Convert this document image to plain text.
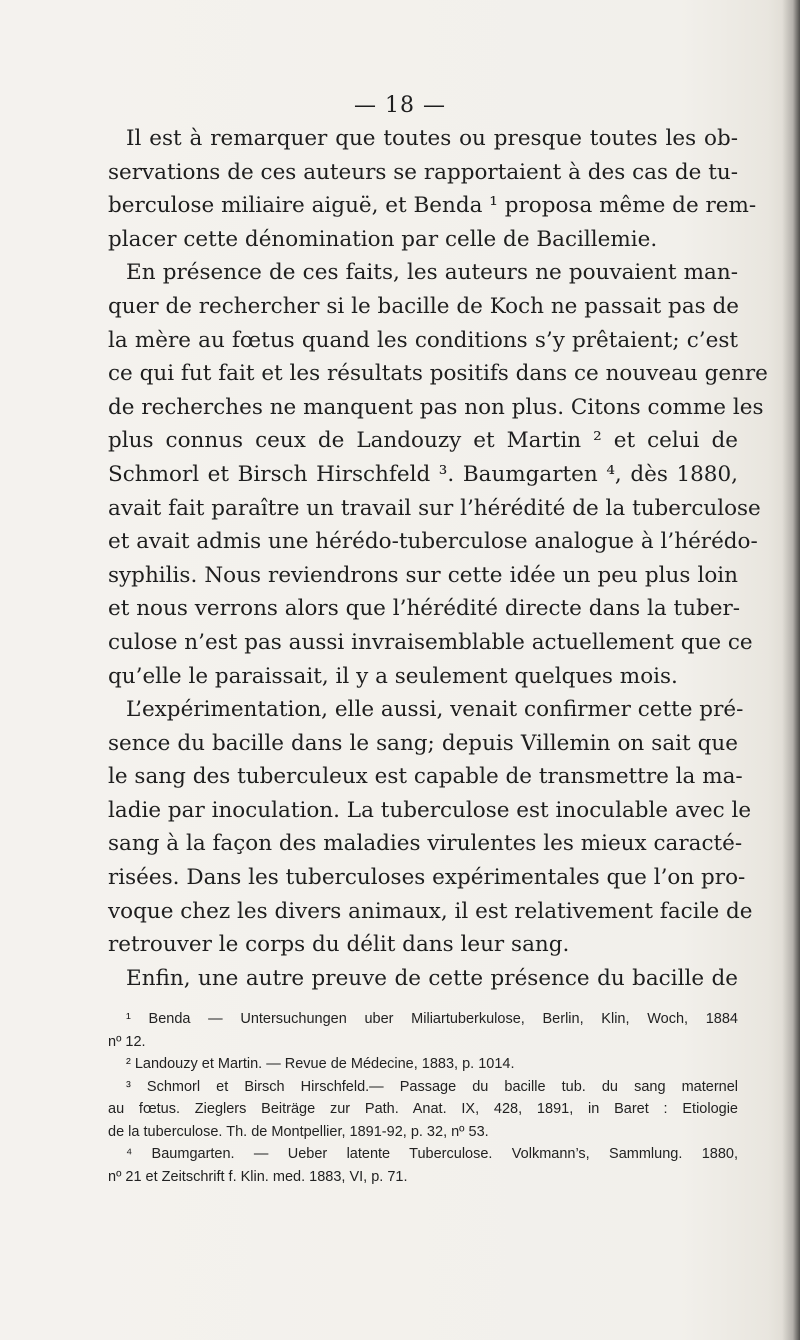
— 18 —
Il est à remarquer que toutes ou presque toutes les ob-
servations de ces auteurs se rapportaient à des cas de tu-
berculose miliaire aiguë, et Benda ¹ proposa même de rem-
placer cette dénomination par celle de Bacillemie.
En présence de ces faits, les auteurs ne pouvaient man-
quer de rechercher si le bacille de Koch ne passait pas de
la mère au fœtus quand les conditions s’y prêtaient; c’est
ce qui fut fait et les résultats positifs dans ce nouveau genre
de recherches ne manquent pas non plus. Citons comme les
plus connus ceux de Landouzy et Martin ² et celui de
Schmorl et Birsch Hirschfeld ³. Baumgarten ⁴, dès 1880,
avait fait paraître un travail sur l’hérédité de la tuberculose
et avait admis une hérédo-tuberculose analogue à l’hérédo-
syphilis. Nous reviendrons sur cette idée un peu plus loin
et nous verrons alors que l’hérédité directe dans la tuber-
culose n’est pas aussi invraisemblable actuellement que ce
qu’elle le paraissait, il y a seulement quelques mois.
L’expérimentation, elle aussi, venait confirmer cette pré-
sence du bacille dans le sang; depuis Villemin on sait que
le sang des tuberculeux est capable de transmettre la ma-
ladie par inoculation. La tuberculose est inoculable avec le
sang à la façon des maladies virulentes les mieux caracté-
risées. Dans les tuberculoses expérimentales que l’on pro-
voque chez les divers animaux, il est relativement facile de
retrouver le corps du délit dans leur sang.
Enfin, une autre preuve de cette présence du bacille de
¹ Benda — Untersuchungen uber Miliartuberkulose, Berlin, Klin, Woch, 1884
nº 12.
² Landouzy et Martin. — Revue de Médecine, 1883, p. 1014.
³ Schmorl et Birsch Hirschfeld.— Passage du bacille tub. du sang maternel
au fœtus. Zieglers Beiträge zur Path. Anat. IX, 428, 1891, in Baret : Etiologie
de la tuberculose. Th. de Montpellier, 1891-92, p. 32, nº 53.
⁴ Baumgarten. — Ueber latente Tuberculose. Volkmann’s, Sammlung. 1880,
nº 21 et Zeitschrift f. Klin. med. 1883, VI, p. 71.
